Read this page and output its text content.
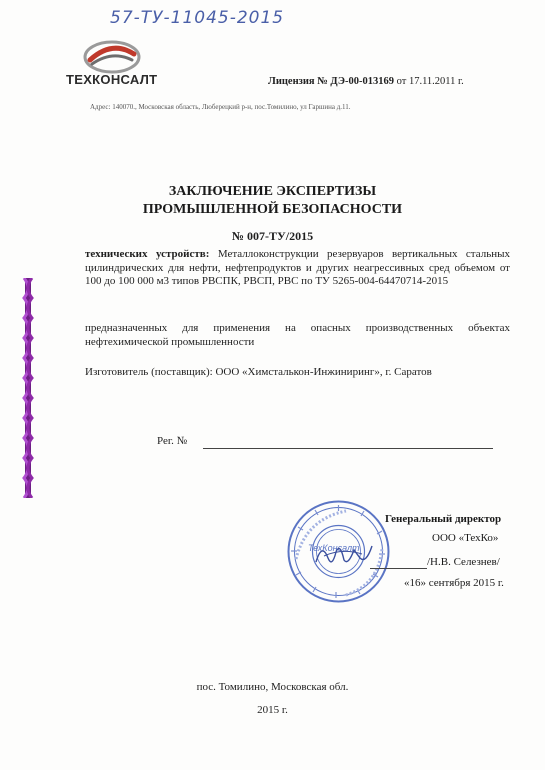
57-ТУ-11045-2015
ТЕХКОНСАЛТ	Лицензия № ДЭ-00-013169 от 17.11.2011 г.
Адрес: 140070., Московская область, Люберецкий р-н, пос.Томилино, ул Гаршина д.11.
ЗАКЛЮЧЕНИЕ ЭКСПЕРТИЗЫ
ПРОМЫШЛЕННОЙ БЕЗОПАСНОСТИ
№ 007-ТУ/2015
технических устройств: Металлоконструкции резервуаров вертикальных стальных цилиндрических для нефти, нефтепродуктов и других неагрессивных сред объемом от 100 до 100 000 м3 типов РВСПК, РВСП, РВС по ТУ 5265-004-64470714-2015
предназначенных для применения на опасных производственных объектах нефтехимической промышленности
Изготовитель (поставщик): ООО «Химсталькон-Инжиниринг», г. Саратов
Рег. №
ТехКонсалт
Генеральный директор
ООО «ТехКо»
/Н.В. Селезнев/
«16» сентября 2015 г.
пос. Томилино, Московская обл.
2015 г.
